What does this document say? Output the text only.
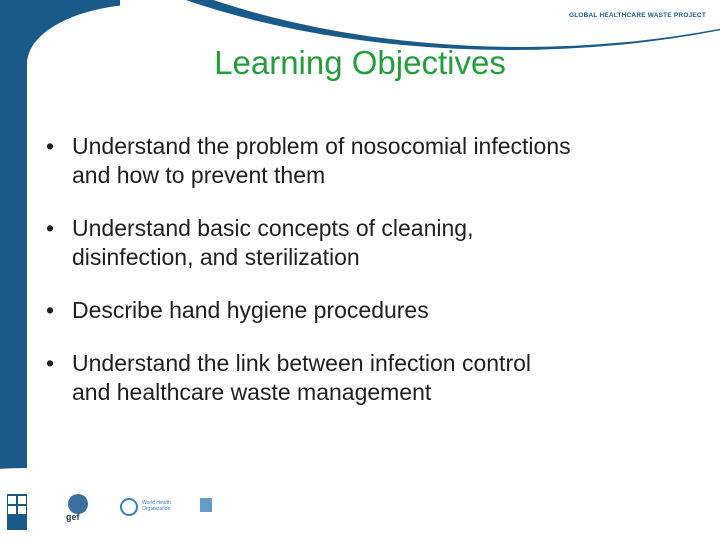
GLOBAL HEALTHCARE WASTE PROJECT
Learning Objectives
• Understand the problem of nosocomial infections
and how to prevent them
• Understand basic concepts of cleaning,
disinfection, and sterilization
• Describe hand hygiene procedures
• Understand the link between infection control
and healthcare waste management
gef
World Health Organization
